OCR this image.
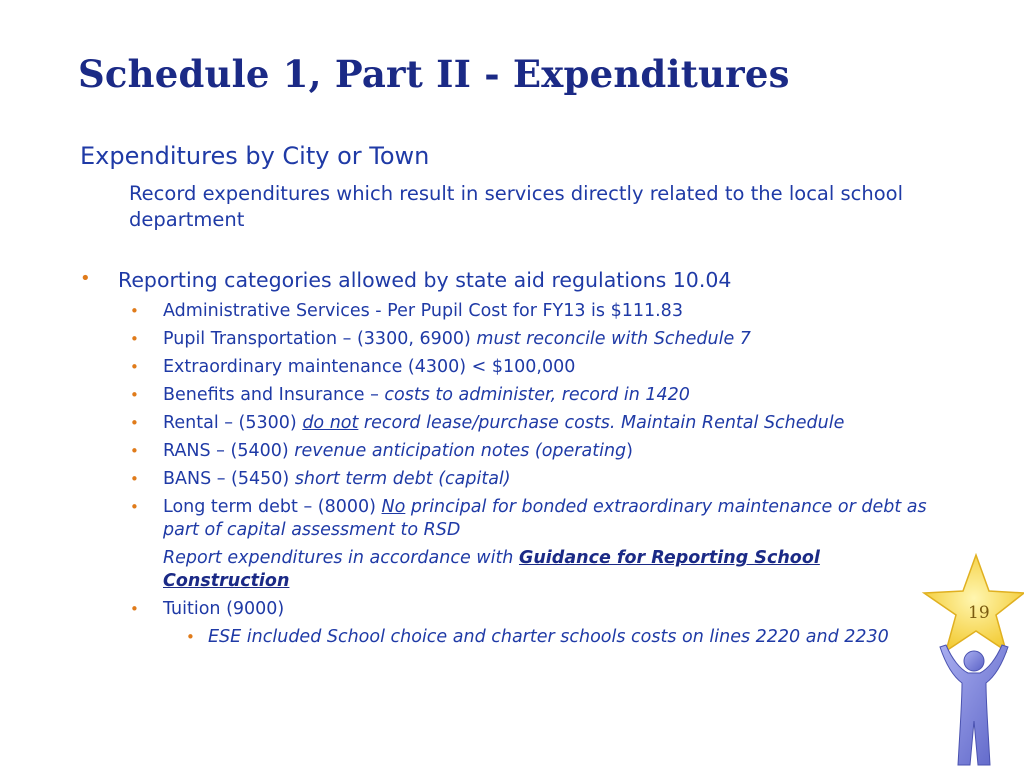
Schedule 1, Part II - Expenditures
Expenditures by City or Town
Record expenditures which result in services directly related to the local school department
• Reporting categories allowed by state aid regulations 10.04
• Administrative Services - Per Pupil Cost for FY13 is $111.83
• Pupil Transportation – (3300, 6900) must reconcile with Schedule 7
• Extraordinary maintenance (4300) < $100,000
• Benefits and Insurance – costs to administer, record in 1420
• Rental – (5300) do not record lease/purchase costs. Maintain Rental Schedule
• RANS – (5400) revenue anticipation notes (operating)
• BANS – (5450) short term debt (capital)
• Long term debt – (8000) No principal for bonded extraordinary maintenance or debt as part of capital assessment to RSD
Report expenditures in accordance with Guidance for Reporting School Construction
• Tuition (9000)
• ESE included School choice and charter schools costs on lines 2220 and 2230
19
